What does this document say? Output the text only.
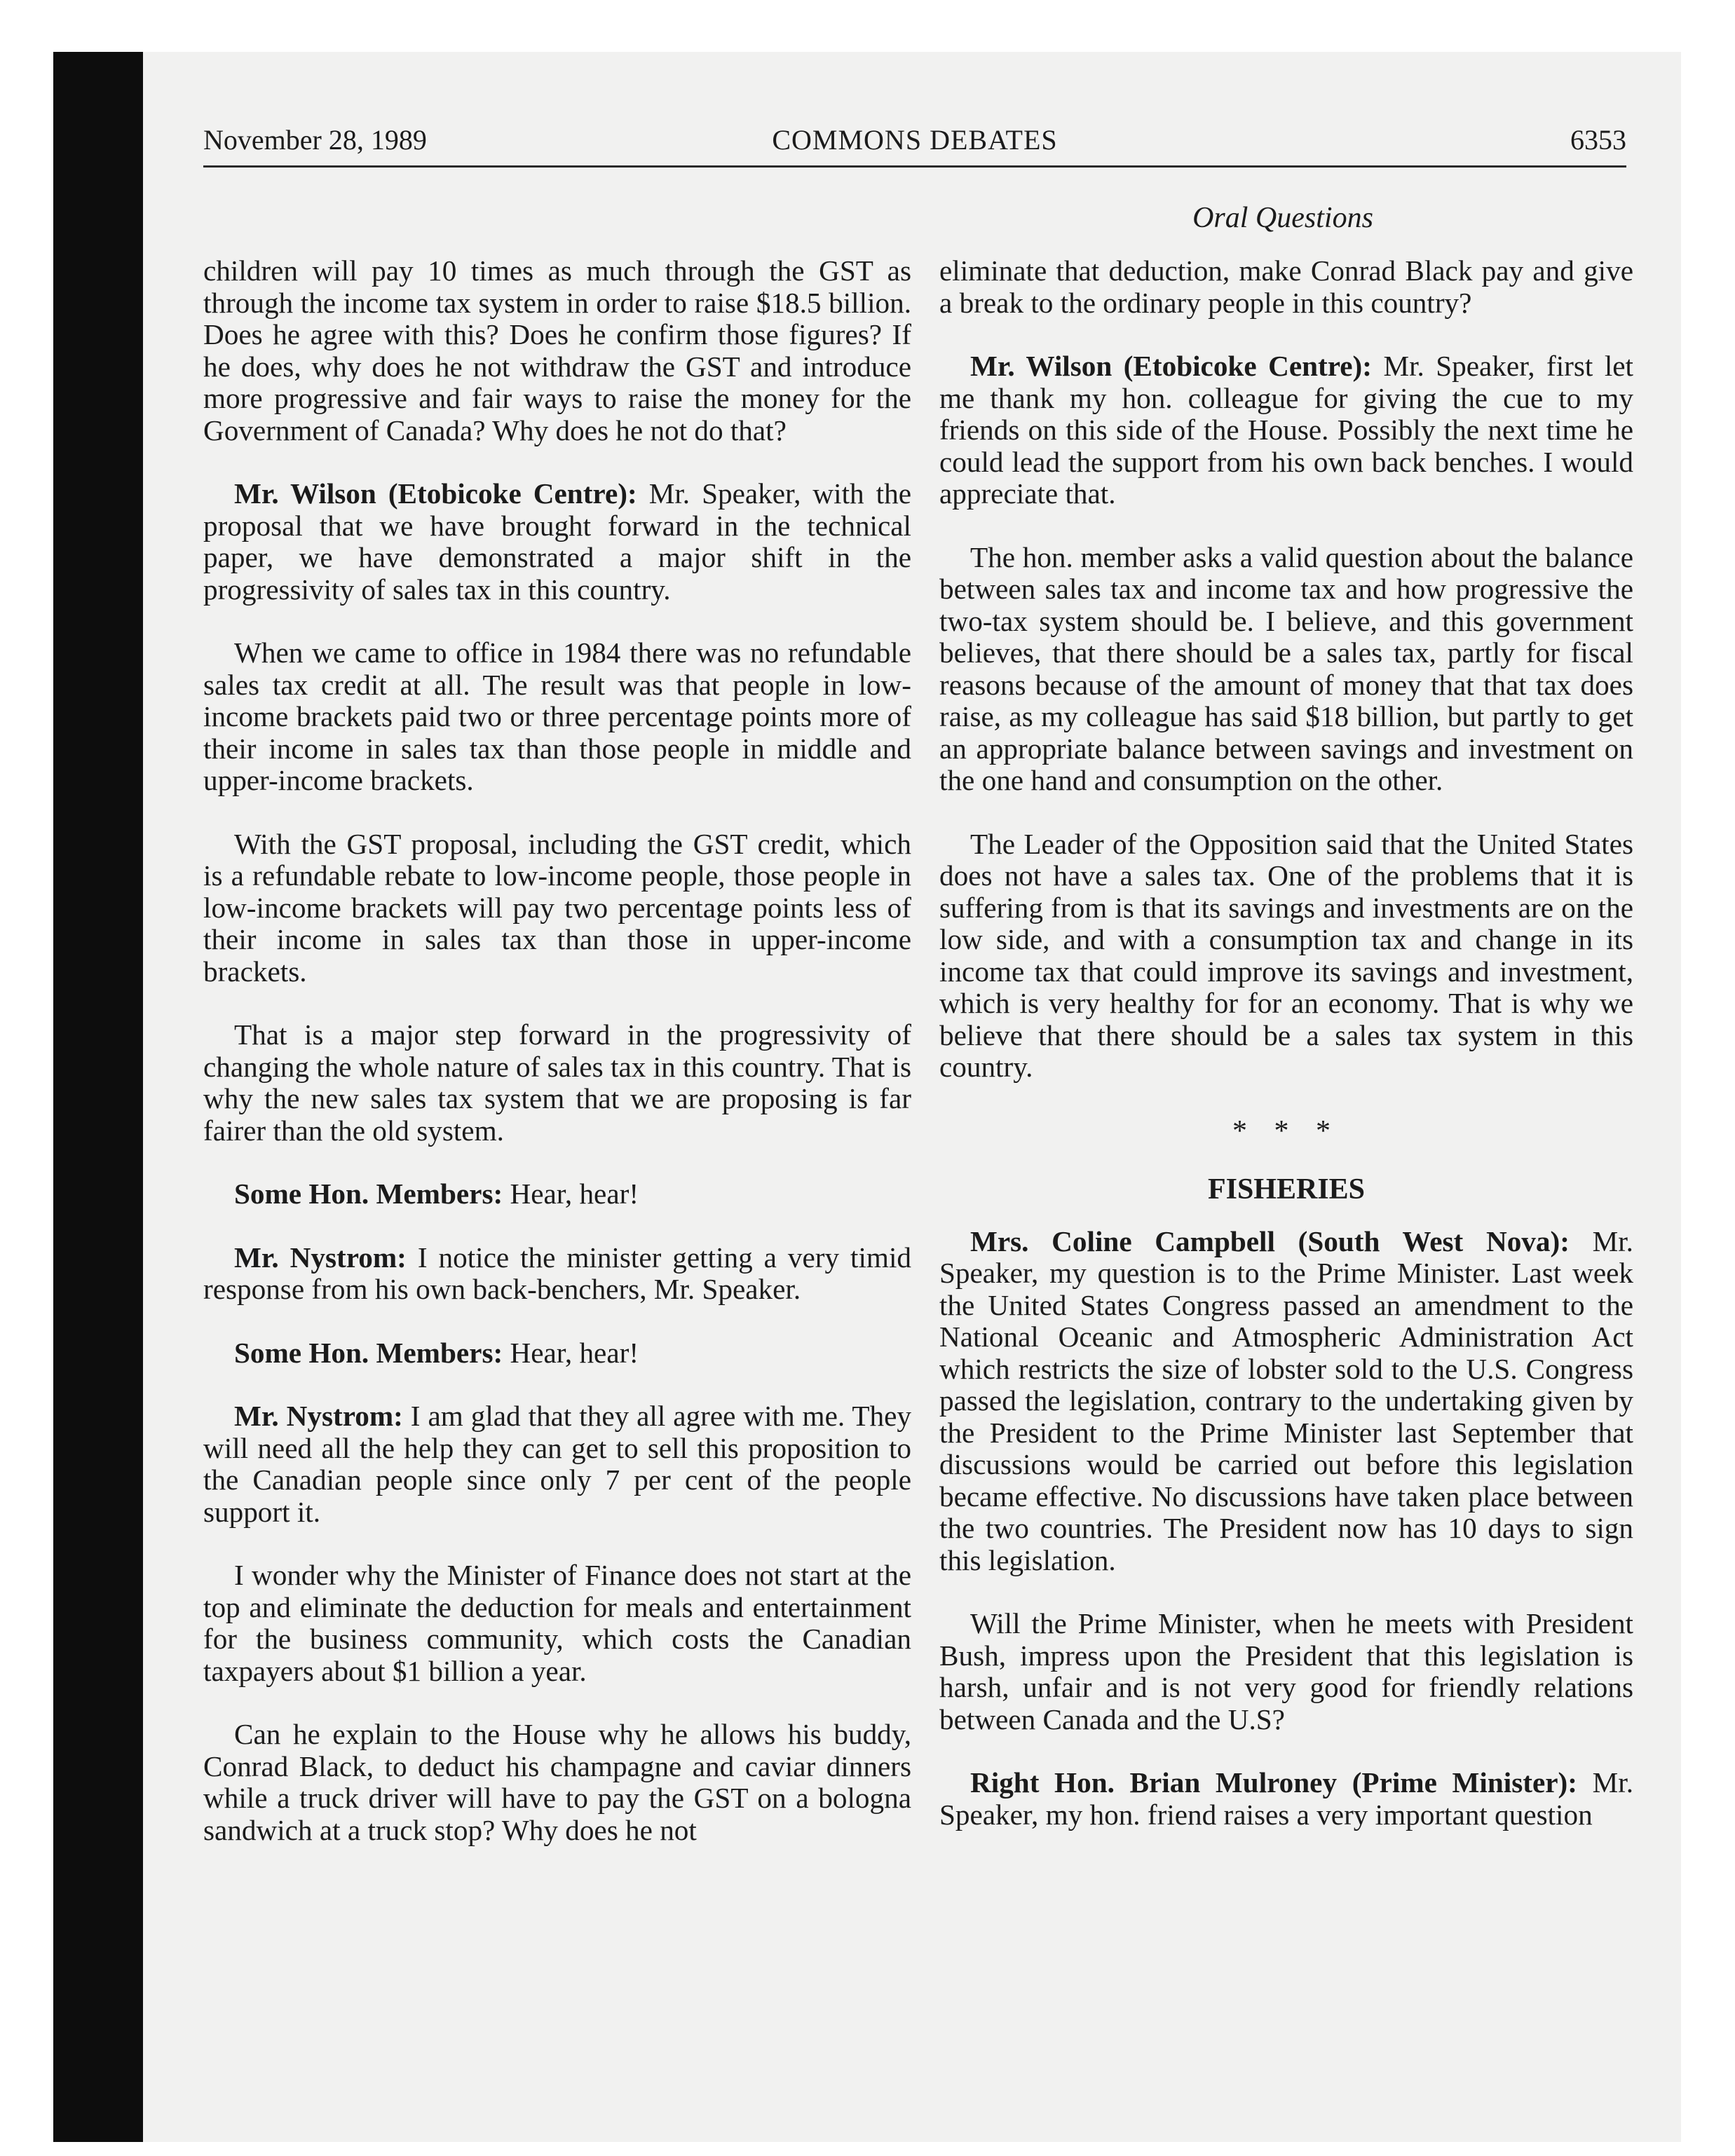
November 28, 1989	COMMONS DEBATES	6353
Oral Questions

children will pay 10 times as much through the GST as through the income tax system in order to raise $18.5 billion. Does he agree with this? Does he confirm those figures? If he does, why does he not withdraw the GST and introduce more progressive and fair ways to raise the money for the Government of Canada? Why does he not do that?

Mr. Wilson (Etobicoke Centre): Mr. Speaker, with the proposal that we have brought forward in the technical paper, we have demonstrated a major shift in the progressivity of sales tax in this country.

When we came to office in 1984 there was no refundable sales tax credit at all. The result was that people in low-income brackets paid two or three percentage points more of their income in sales tax than those people in middle and upper-income brackets.

With the GST proposal, including the GST credit, which is a refundable rebate to low-income people, those people in low-income brackets will pay two percentage points less of their income in sales tax than those in upper-income brackets.

That is a major step forward in the progressivity of changing the whole nature of sales tax in this country. That is why the new sales tax system that we are proposing is far fairer than the old system.

Some Hon. Members: Hear, hear!

Mr. Nystrom: I notice the minister getting a very timid response from his own back-benchers, Mr. Speaker.

Some Hon. Members: Hear, hear!

Mr. Nystrom: I am glad that they all agree with me. They will need all the help they can get to sell this proposition to the Canadian people since only 7 per cent of the people support it.

I wonder why the Minister of Finance does not start at the top and eliminate the deduction for meals and entertainment for the business community, which costs the Canadian taxpayers about $1 billion a year.

Can he explain to the House why he allows his buddy, Conrad Black, to deduct his champagne and caviar dinners while a truck driver will have to pay the GST on a bologna sandwich at a truck stop? Why does he not

eliminate that deduction, make Conrad Black pay and give a break to the ordinary people in this country?

Mr. Wilson (Etobicoke Centre): Mr. Speaker, first let me thank my hon. colleague for giving the cue to my friends on this side of the House. Possibly the next time he could lead the support from his own back benches. I would appreciate that.

The hon. member asks a valid question about the balance between sales tax and income tax and how progressive the two-tax system should be. I believe, and this government believes, that there should be a sales tax, partly for fiscal reasons because of the amount of money that that tax does raise, as my colleague has said $18 billion, but partly to get an appropriate balance between savings and investment on the one hand and consumption on the other.

The Leader of the Opposition said that the United States does not have a sales tax. One of the problems that it is suffering from is that its savings and investments are on the low side, and with a consumption tax and change in its income tax that could improve its savings and investment, which is very healthy for for an economy. That is why we believe that there should be a sales tax system in this country.

* * *
FISHERIES

Mrs. Coline Campbell (South West Nova): Mr. Speaker, my question is to the Prime Minister. Last week the United States Congress passed an amendment to the National Oceanic and Atmospheric Administration Act which restricts the size of lobster sold to the U.S. Congress passed the legislation, contrary to the undertaking given by the President to the Prime Minister last September that discussions would be carried out before this legislation became effective. No discussions have taken place between the two countries. The President now has 10 days to sign this legislation.

Will the Prime Minister, when he meets with President Bush, impress upon the President that this legislation is harsh, unfair and is not very good for friendly relations between Canada and the U.S?

Right Hon. Brian Mulroney (Prime Minister): Mr. Speaker, my hon. friend raises a very important question
